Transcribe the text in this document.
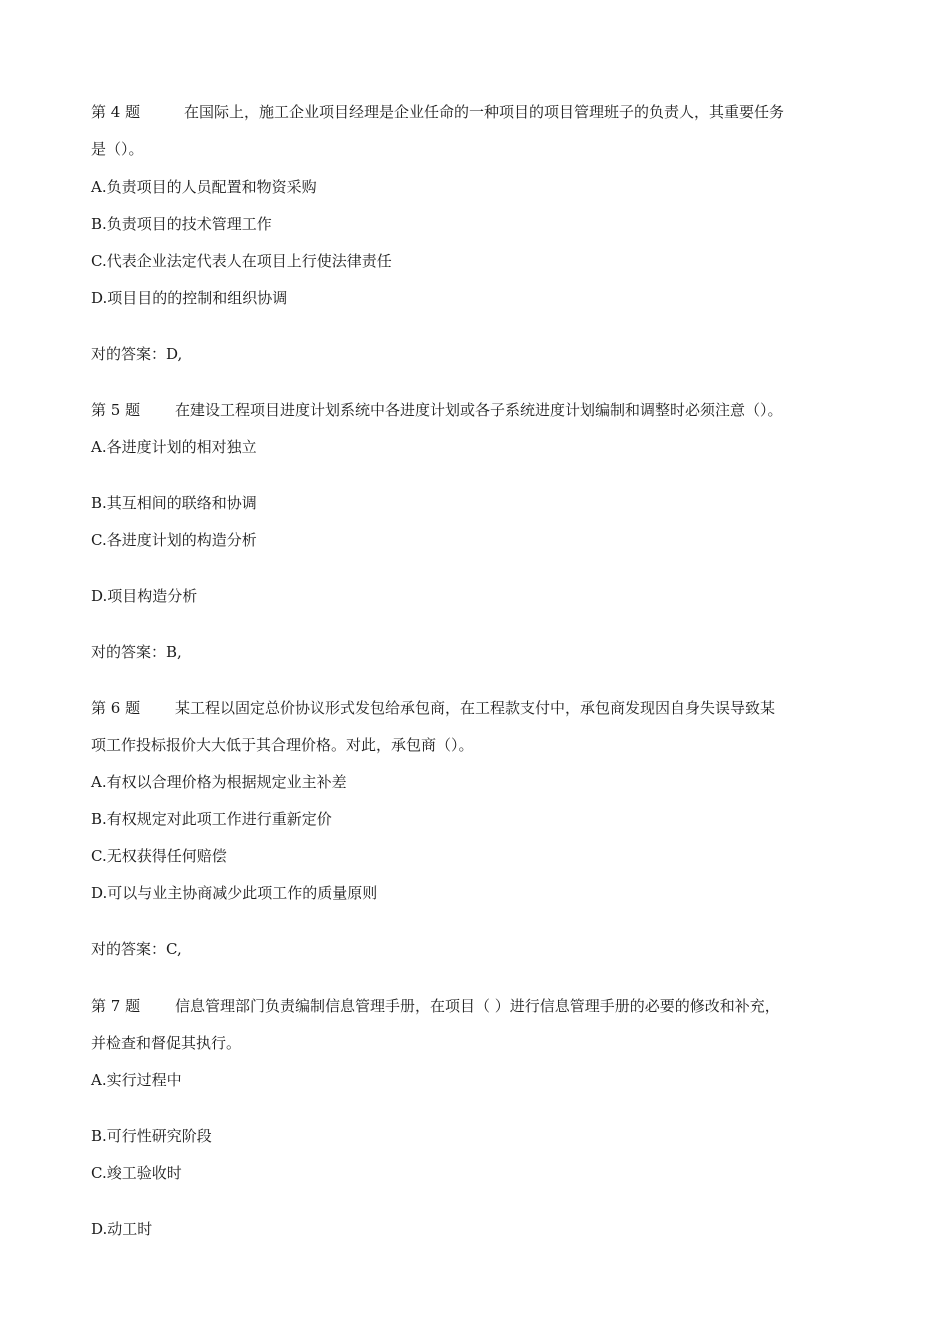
第 4 题	在国际上，施工企业项目经理是企业任命的一种项目的项目管理班子的负责人，其重要任务
是（）。
A.负责项目的人员配置和物资采购
B.负责项目的技术管理工作
C.代表企业法定代表人在项目上行使法律责任
D.项目目的的控制和组织协调
对的答案：D,
第 5 题 在建设工程项目进度计划系统中各进度计划或各子系统进度计划编制和调整时必须注意（）。
A.各进度计划的相对独立
B.其互相间的联络和协调
C.各进度计划的构造分析
D.项目构造分析
对的答案：B,
第 6 题 某工程以固定总价协议形式发包给承包商，在工程款支付中，承包商发现因自身失误导致某
项工作投标报价大大低于其合理价格。对此，承包商（）。
A.有权以合理价格为根据规定业主补差
B.有权规定对此项工作进行重新定价
C.无权获得任何赔偿
D.可以与业主协商减少此项工作的质量原则
对的答案：C,
第 7 题 信息管理部门负责编制信息管理手册，在项目（ ）进行信息管理手册的必要的修改和补充，
并检查和督促其执行。
A.实行过程中
B.可行性研究阶段
C.竣工验收时
D.动工时
